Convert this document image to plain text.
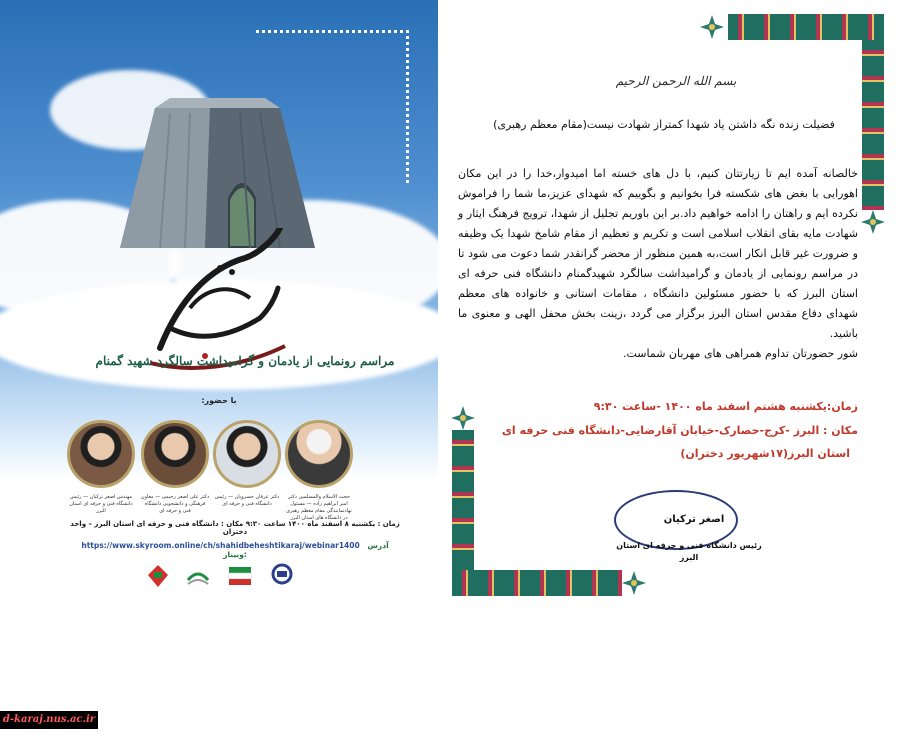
مراسم رونمایی از یادمان و گرامیداشت سالگرد شهید گمنام
با حضور:
حجت الاسلام والمسلمین دکتر امیر ابراهیم زاده — مسئول نهادنمایندگی مقام معظم رهبری در دانشگاه های استان البرز
دکتر عرفان خسرویان — رئیس دانشگاه فنی و حرفه ای
دکتر علی اصغر رحیمی — معاون فرهنگی و دانشجویی دانشگاه فنی و حرفه ای
مهندس اصغر ترکیان — رئیس دانشگاه فنی و حرفه ای استان البرز
زمان : یکشنبه ۸ اسفند ماه ۱۴۰۰ ساعت ۹:۳۰ مکان : دانشگاه فنی و حرفه ای استان البرز – واحد دختران
https://www.skyroom.online/ch/shahidbeheshtikaraj/webinar1400 آدرس وبینار:
بسم الله الرحمن الرحیم
فضیلت زنده نگه داشتن یاد شهدا کمتراز شهادت نیست(مقام معظم رهبری)
خالصانه آمده ایم تا زیارتتان کنیم، با دل های خسته اما امیدوار،خدا را در این مکان اهورایی با بغض های شکسته فرا بخوانیم و بگوییم که شهدای عزیز،ما شما را فراموش نکرده ایم و راهتان را ادامه خواهیم داد.بر این باوریم تجلیل از شهدا، ترویج فرهنگ ایثار و شهادت مایه بقای انقلاب اسلامی است و تکریم و تعظیم از مقام شامخ شهدا یک وظیفه و ضرورت غیر قابل انکار است،به همین منظور از محضر گرانقدر شما دعوت می شود تا در مراسم رونمایی از یادمان و گرامیداشت سالگرد شهیدگمنام دانشگاه فنی حرفه ای استان البرز که با حضور مسئولین دانشگاه ، مقامات استانی و خانواده های معظم شهدای دفاع مقدس استان البرز برگزار می گردد ،زینت بخش محفل الهی و معنوی ما باشید.
شور حضورتان تداوم همراهی های مهربان شماست.
زمان:یکشنبه هشتم اسفند ماه ۱۴۰۰ -ساعت ۹:۳۰
مکان : البرز -کرج-حصارک-خیابان آقارضایی-دانشگاه فنی حرفه ای
استان البرز(۱۷شهریور دختران)
اصغر ترکیان
رئیس دانشگاه فنی و حرفه ای استان البرز
d-karaj.nus.ac.ir
